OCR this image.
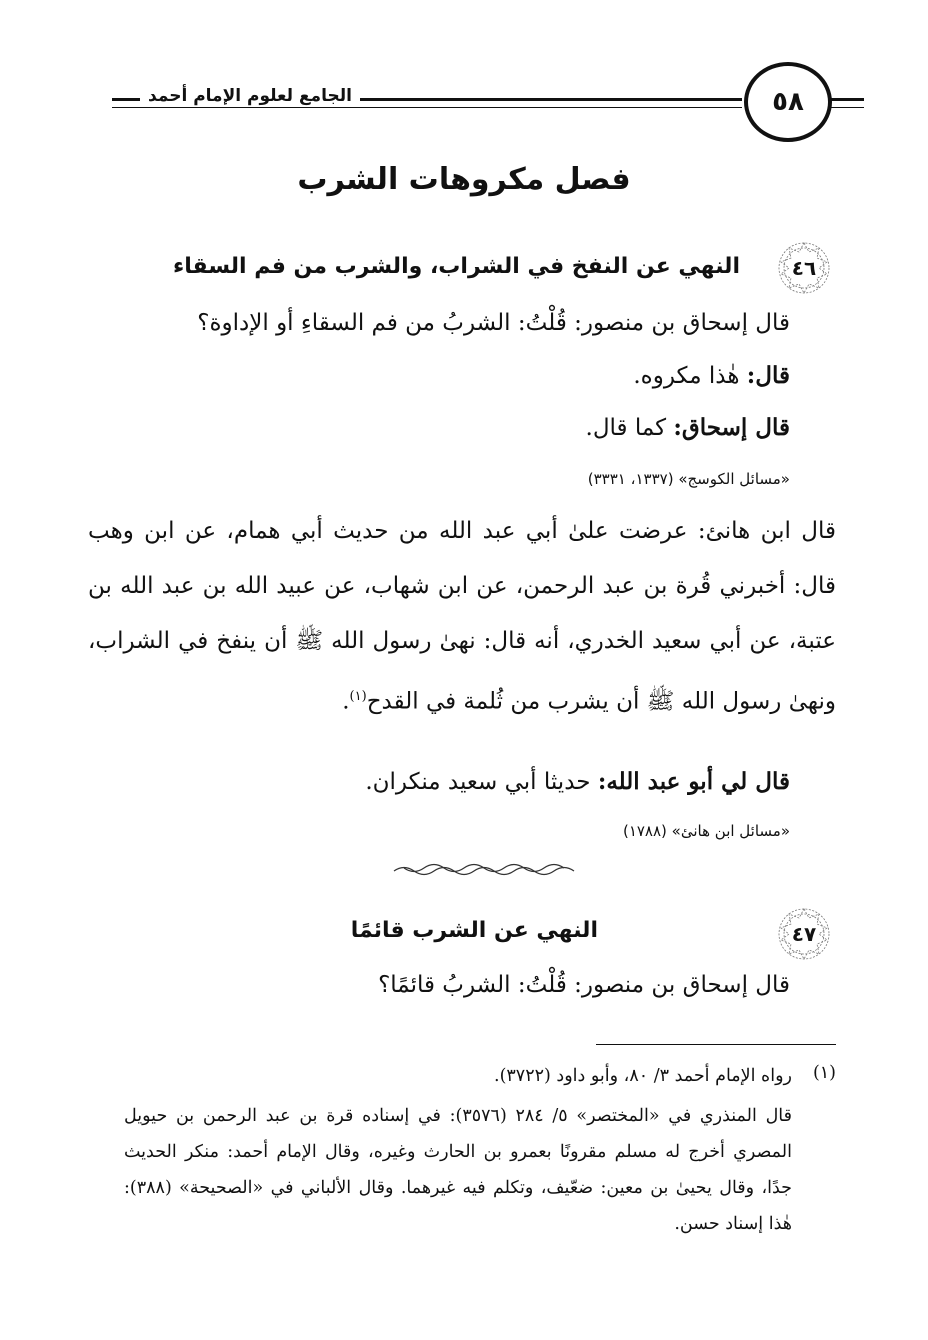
الجامع لعلوم الإمام أحمد	٥٨
فصل مكروهات الشرب
٤٦
النهي عن النفخ في الشراب، والشرب من فم السقاء
قال إسحاق بن منصور: قُلْتُ: الشربُ من فم السقاءِ أو الإداوة؟
قال: هٰذا مكروه.
قال إسحاق: كما قال.
«مسائل الكوسج» (١٣٣٧، ٣٣٣١)
قال ابن هانئ: عرضت علىٰ أبي عبد الله من حديث أبي همام، عن ابن وهب قال: أخبرني قُرة بن عبد الرحمن، عن ابن شهاب، عن عبيد الله بن عبد الله بن عتبة، عن أبي سعيد الخدري، أنه قال: نهىٰ رسول الله ﷺ أن ينفخ في الشراب، ونهىٰ رسول الله ﷺ أن يشرب من ثُلمة في القدح$^{(١)}$.
قال لي أبو عبد الله: حديثا أبي سعيد منكران.
«مسائل ابن هانئ» (١٧٨٨)
٤٧
النهي عن الشرب قائمًا
قال إسحاق بن منصور: قُلْتُ: الشربُ قائمًا؟
(١)
رواه الإمام أحمد ٣/ ٨٠، وأبو داود (٣٧٢٢).
قال المنذري في «المختصر» ٥/ ٢٨٤ (٣٥٧٦): في إسناده قرة بن عبد الرحمن بن حيويل المصري أخرج له مسلم مقرونًا بعمرو بن الحارث وغيره، وقال الإمام أحمد: منكر الحديث جدًا، وقال يحيىٰ بن معين: ضعّيف، وتكلم فيه غيرهما. وقال الألباني في «الصحيحة» (٣٨٨): هٰذا إسناد حسن.
